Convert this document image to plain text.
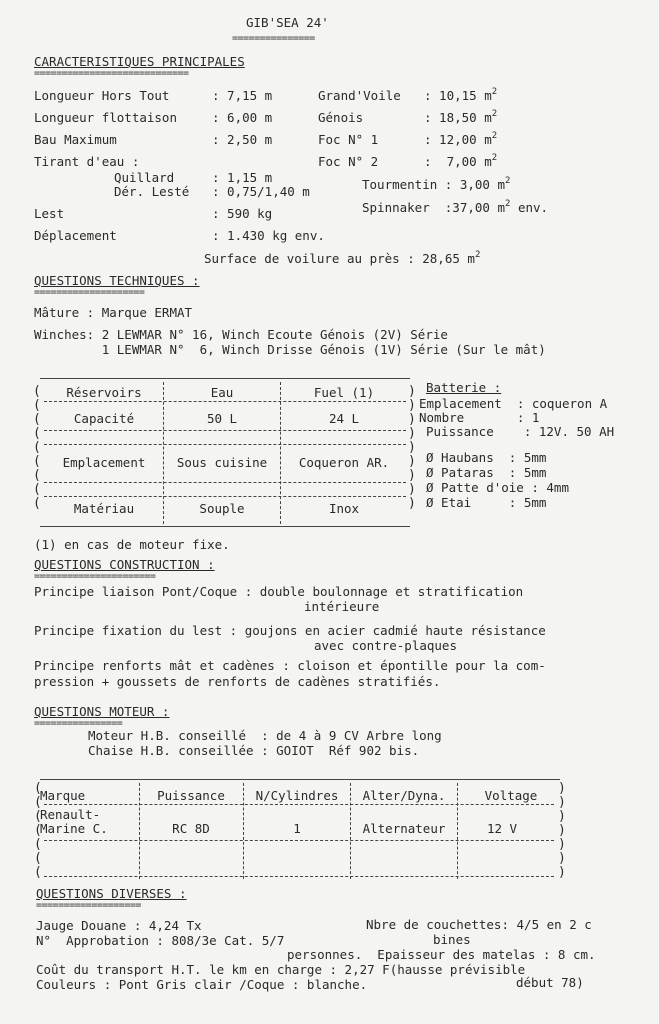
GIB'SEA 24'
===============
CARACTERISTIQUES PRINCIPALES
============================
Longueur Hors Tout	: 7,15 m	Grand'Voile : 10,15 $m^2$
Longueur flottaison	: 6,00 m	Génois	: 18,50 $m^2$
Bau Maximum	: 2,50 m	Foc N° 1	: 12,00 $m^2$
Tirant d'eau :	Foc N° 2	:  7,00 $m^2$
Quillard	: 1,15 m
Dér. Lesté : 0,75/1,40 m	Tourmentin : 3,00 $m^2$
Lest	: 590 kg	Spinnaker  :37,00 $m^2$ env.
Déplacement	: 1.430 kg env.
Surface de voilure au près : 28,65 $m^2$
QUESTIONS TECHNIQUES :
====================
Mâture : Marque ERMAT
Winches: 2 LEWMAR N° 16, Winch Ecoute Génois (2V) Série
1 LEWMAR N°  6, Winch Drisse Génois (1V) Série (Sur le mât)
(
(
(
(
(
(
(
(
(
)
)
)
)
)
)
)
)
)
Réservoirs	Eau	Fuel (1)
Capacité	50 L	24 L
Emplacement	Sous cuisine	Coqueron AR.
Matériau	Souple	Inox
Batterie :
Emplacement  : coqueron A
Nombre       : 1
Puissance    : 12V. 50 AH
Ø Haubans  : 5mm
Ø Pataras  : 5mm
Ø Patte d'oie : 4mm
Ø Etai     : 5mm
(1) en cas de moteur fixe.
QUESTIONS CONSTRUCTION :
======================
Principe liaison Pont/Coque : double boulonnage et stratification
intérieure
Principe fixation du lest : goujons en acier cadmié haute résistance
avec contre-plaques
Principe renforts mât et cadènes : cloison et épontille pour la com-
pression + goussets de renforts de cadènes stratifiés.
QUESTIONS MOTEUR :
================
Moteur H.B. conseillé  : de 4 à 9 CV Arbre long
Chaise H.B. conseillée : GOIOT  Réf 902 bis.
(
(
(
(
(
(
(
)
)
)
)
)
)
)
Marque	Puissance	N/Cylindres	Alter/Dyna.	Voltage
Renault-
Marine C.	RC 8D	1	Alternateur	12 V
QUESTIONS DIVERSES :
===================
Jauge Douane : 4,24 Tx	Nbre de couchettes: 4/5 en 2 c
N°  Approbation : 808/3e Cat. 5/7	bines
personnes.  Epaisseur des matelas : 8 cm.
Coût du transport H.T. le km en charge : 2,27 F(hausse prévisible
Couleurs : Pont Gris clair /Coque : blanche.	début 78)
